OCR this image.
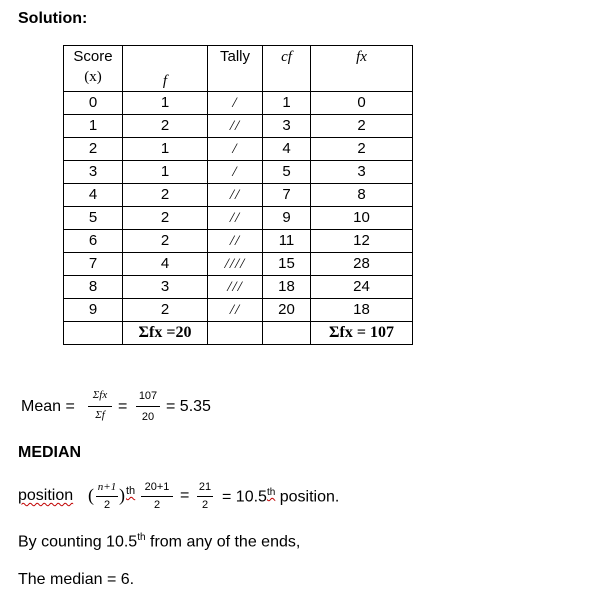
Solution:
Score
(x)	f	Tally	cf	fx
0	1	/	1	0
1	2	//	3	2
2	1	/	4	2
3	1	/	5	3
4	2	//	7	8
5	2	//	9	10
6	2	//	11	12
7	4	////	15	28
8	3	///	18	24
9	2	//	20	18
	Σfx =20			Σfx = 107
Mean =
Σfx
Σf =
107
20
= 5.35
MEDIAN
position ( n+1
2 ) th 20+1
2
= 21
2 = 10.5th position.
By counting 10.5th from any of the ends,
The median = 6.
